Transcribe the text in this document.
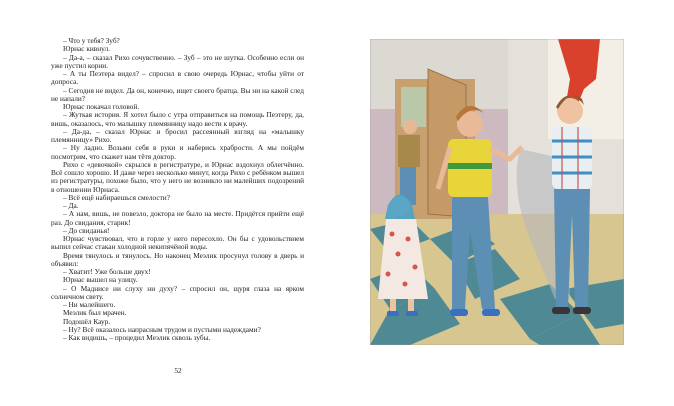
– Что у тебя? Зуб?

Юрнас кивнул.

– Да-а, – сказал Рихо сочувственно. – Зуб – это не шутка. Особенно если он уже пустил корни.

– А ты Пеэтера видел? – спросил в свою очередь Юрнас, чтобы уйти от допроса.

– Сегодня не видел. Да он, конечно, ищет своего братца. Вы ни на какой след не напали?

Юрнас покачал головой.

– Жуткая история. Я хотел было с утра отправиться на помощь Пеэтеру, да, вишь, оказалось, что малышку племянницу надо вести к врачу.

– Да-да, – сказал Юрнас и бросил рассеянный взгляд на «малышку племянницу» Рихо.

– Ну ладно. Возьми себя в руки и наберись храбрости. А мы пойдём посмотрим, что скажет нам тётя доктор.

Рихо с «девочкой» скрылся в регистратуре, и Юрнас вздохнул облегчённо. Всё сошло хорошо. И даже через несколько минут, когда Рихо с ребёнком вышел из регистратуры, похоже было, что у него не возникло ни малейших подозрений в отношении Юрнаса.

– Всё ещё набираешься смелости?

– Да.

– А нам, вишь, не повезло, доктора не было на месте. Придётся прийти ещё раз. До свидания, старик!

– До свиданья!

Юрнас чувствовал, что в горле у него пересохло. Он бы с удовольствием выпил сейчас стакан холодной некипячёной воды.

Время тянулось и тянулось. Но наконец Меэлик просунул голову в дверь и объявил:

– Хватит! Уже больше двух!

Юрнас вышел на улицу.

– О Маднисе ни слуху ни духу? – спросил он, щуря глаза на ярком солнечном свету.

– Ни малейшего.

Меэлик был мрачен.

Подошёл Каур.

– Ну? Всё оказалось напрасным трудом и пустыми надеждами?

– Как видишь, – процедил Меэлик сквозь зубы.

52
